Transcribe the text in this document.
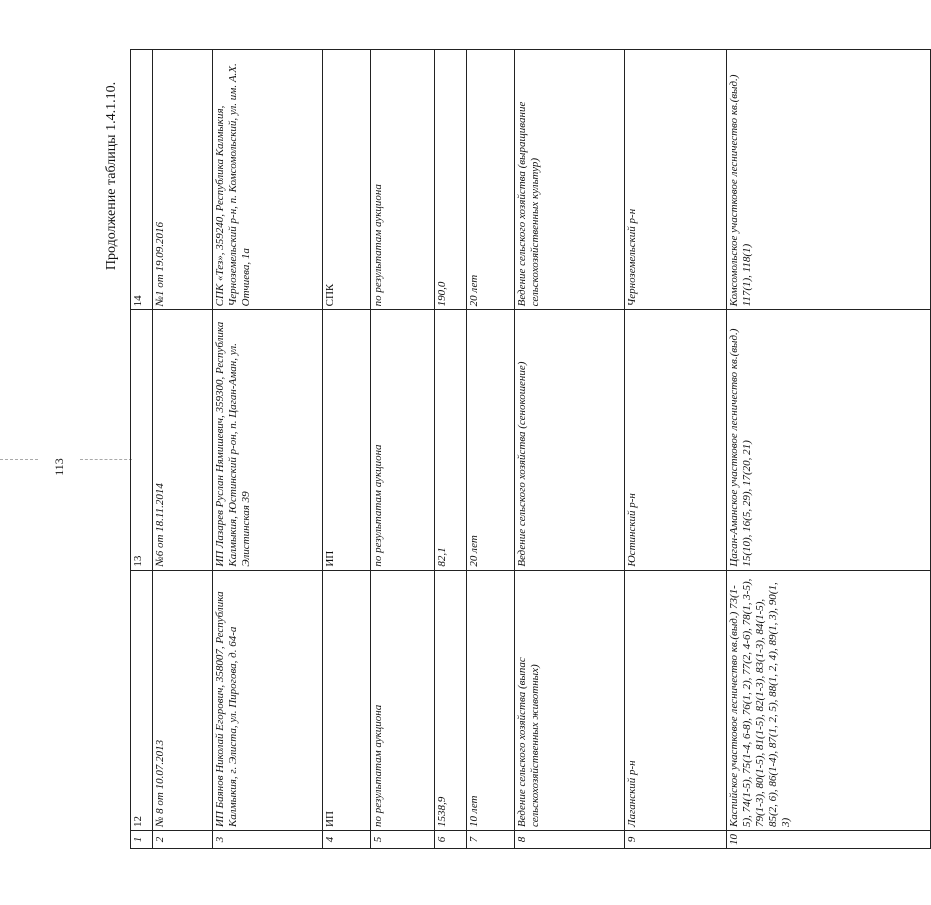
113
Продолжение таблицы 1.4.1.10.
1	12	13	14
2	№ 8 от 10.07.2013	№6 от 18.11.2014	№1 от 19.09.2016
3	ИП Баянов Николай Егорович, 358007, Республика Калмыкия, г. Элиста, ул. Пирогова, д. 64-а	ИП Лазарев Руслан Нямишевич, 359300, Республика Калмыкия, Юстинский р-он, п. Цаган-Аман, ул. Элистинская 39	СПК «Тез», 359240, Республика Калмыкия, Черноземельский р-н, п. Комсомольский, ул. им. А.Х. Отчиева, 1а
4	ИП	ИП	СПК
5	по результатам аукциона	по результатам аукциона	по результатам аукциона
6	1538,9	82,1	190,0
7	10 лет	20 лет	20 лет
8	Ведение сельского хозяйства (выпас сельскохозяйственных животных)	Ведение сельского хозяйства (сенокошение)	Ведение сельского хозяйства (выращивание сельскохозяйственных культур)
9	Лаганский р-н	Юстинский р-н	Черноземельский р-н
10	Каспийское участковое лесничество кв.(выд.) 73(1-5), 74(1-5), 75(1-4, 6-8), 76(1, 2), 77(2, 4-6), 78(1, 3-5), 79(1-3), 80(1-5), 81(1-5), 82(1-3), 83(1-3), 84(1-5), 85(2, 6), 86(1-4), 87(1, 2, 5), 88(1, 2, 4), 89(1, 3), 90(1, 3)	Цаган-Аманское участковое лесничество кв.(выд.) 15(10), 16(5, 29), 17(20, 21)	Комсомольское участковое лесничество кв.(выд.) 117(1), 118(1)
